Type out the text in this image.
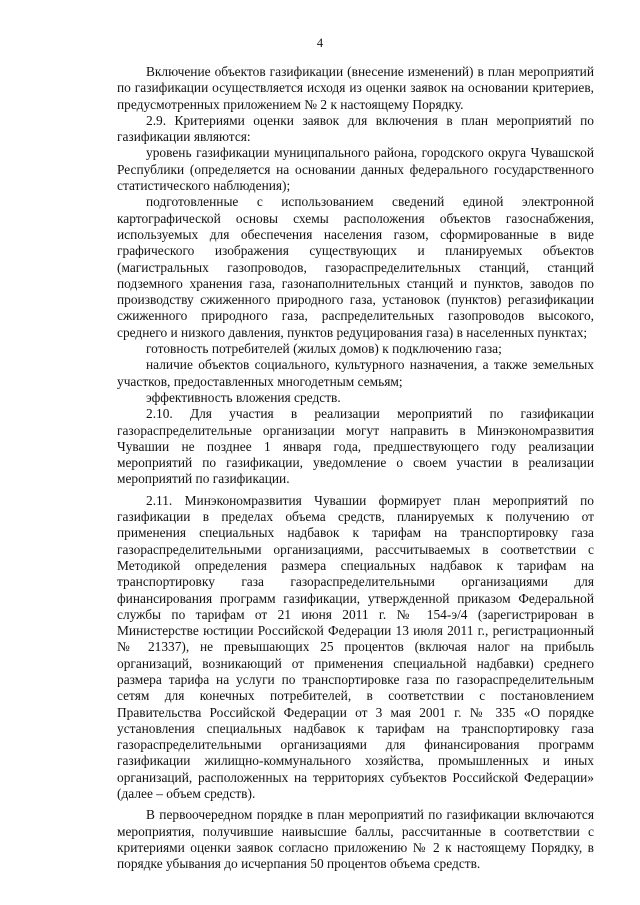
4

Включение объектов газификации (внесение изменений) в план мероприятий по газификации осуществляется исходя из оценки заявок на основании критериев, предусмотренных приложением № 2 к настоящему Порядку.

2.9. Критериями оценки заявок для включения в план мероприятий по газификации являются:

уровень газификации муниципального района, городского округа Чувашской Республики (определяется на основании данных федерального государственного статистического наблюдения);

подготовленные с использованием сведений единой электронной картографической основы схемы расположения объектов газоснабжения, используемых для обеспечения населения газом, сформированные в виде графического изображения существующих и планируемых объектов (магистральных газопроводов, газораспределительных станций, станций подземного хранения газа, газонаполнительных станций и пунктов, заводов по производству сжиженного природного газа, установок (пунктов) регазификации сжиженного природного газа, распределительных газопроводов высокого, среднего и низкого давления, пунктов редуцирования газа) в населенных пунктах;

готовность потребителей (жилых домов) к подключению газа;

наличие объектов социального, культурного назначения, а также земельных участков, предоставленных многодетным семьям;

эффективность вложения средств.

2.10. Для участия в реализации мероприятий по газификации газораспределительные организации могут направить в Минэкономразвития Чувашии не позднее 1 января года, предшествующего году реализации мероприятий по газификации, уведомление о своем участии в реализации мероприятий по газификации.

2.11. Минэкономразвития Чувашии формирует план мероприятий по газификации в пределах объема средств, планируемых к получению от применения специальных надбавок к тарифам на транспортировку газа газораспределительными организациями, рассчитываемых в соответствии с Методикой определения размера специальных надбавок к тарифам на транспортировку газа газораспределительными организациями для финансирования программ газификации, утвержденной приказом Федеральной службы по тарифам от 21 июня 2011 г. № 154-э/4 (зарегистрирован в Министерстве юстиции Российской Федерации 13 июля 2011 г., регистрационный № 21337), не превышающих 25 процентов (включая налог на прибыль организаций, возникающий от применения специальной надбавки) среднего размера тарифа на услуги по транспортировке газа по газораспределительным сетям для конечных потребителей, в соответствии с постановлением Правительства Российской Федерации от 3 мая 2001 г. № 335 «О порядке установления специальных надбавок к тарифам на транспортировку газа газораспределительными организациями для финансирования программ газификации жилищно-коммунального хозяйства, промышленных и иных организаций, расположенных на территориях субъектов Российской Федерации» (далее – объем средств).

В первоочередном порядке в план мероприятий по газификации включаются мероприятия, получившие наивысшие баллы, рассчитанные в соответствии с критериями оценки заявок согласно приложению № 2 к настоящему Порядку, в порядке убывания до исчерпания 50 процентов объема средств.
